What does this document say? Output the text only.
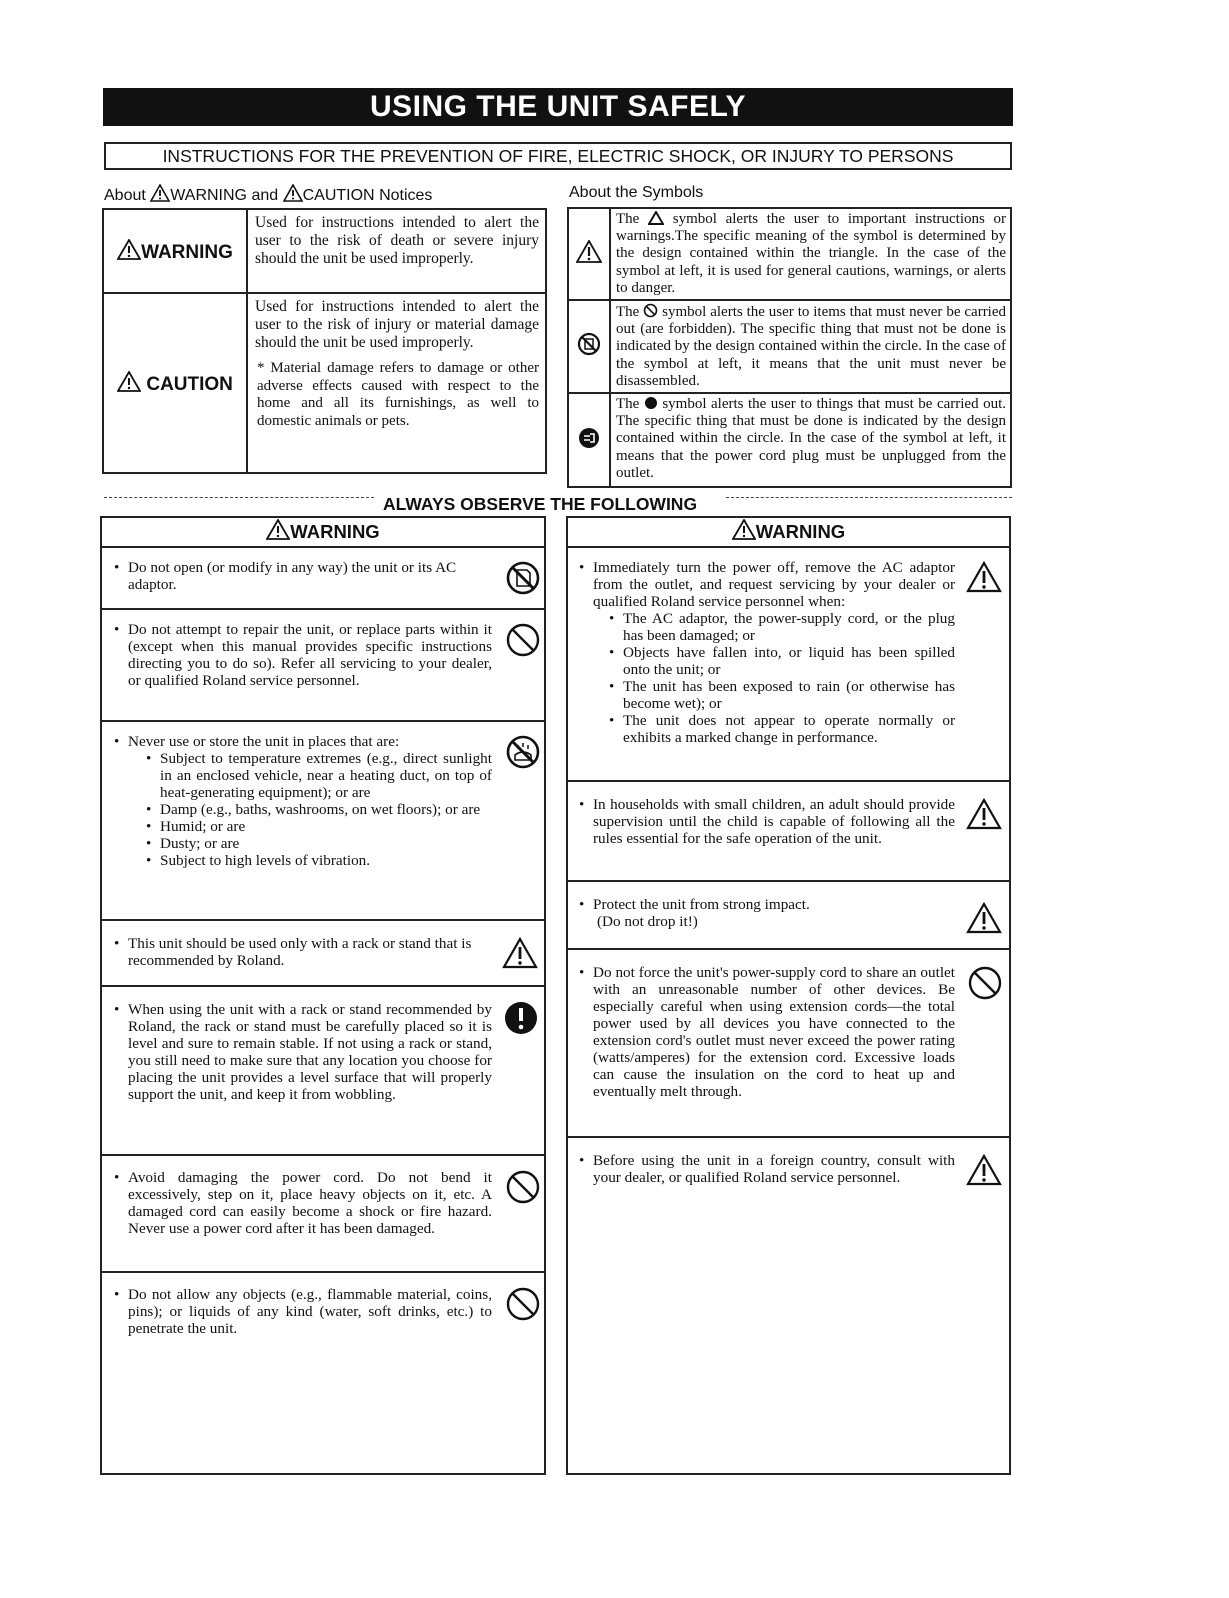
USING THE UNIT SAFELY
INSTRUCTIONS FOR THE PREVENTION OF FIRE, ELECTRIC SHOCK, OR INJURY TO PERSONS
About WARNING and CAUTION Notices
WARNING	Used for instructions intended to alert the user to the risk of death or severe injury should the unit be used improperly.
CAUTION	Used for instructions intended to alert the user to the risk of injury or material damage should the unit be used improperly.
* Material damage refers to damage or other adverse effects caused with respect to the home and all its furnishings, as well to domestic animals or pets.
About the Symbols
	The symbol alerts the user to important instructions or warnings.The specific meaning of the symbol is determined by the design contained within the triangle. In the case of the symbol at left, it is used for general cautions, warnings, or alerts to danger.
	The symbol alerts the user to items that must never be carried out (are forbidden). The specific thing that must not be done is indicated by the design contained within the circle. In the case of the symbol at left, it means that the unit must never be disassembled.
	The symbol alerts the user to things that must be carried out. The specific thing that must be done is indicated by the design contained within the circle. In the case of the symbol at left, it means that the power cord plug must be unplugged from the outlet.
ALWAYS OBSERVE THE FOLLOWING
WARNING
• Do not open (or modify in any way) the unit or its AC adaptor.
• Do not attempt to repair the unit, or replace parts within it (except when this manual provides specific instructions directing you to do so). Refer all servicing to your dealer, or qualified Roland service personnel.
• Never use or store the unit in places that are:
• Subject to temperature extremes (e.g., direct sunlight in an enclosed vehicle, near a heating duct, on top of heat-generating equipment); or are
• Damp (e.g., baths, washrooms, on wet floors); or are
• Humid; or are
• Dusty; or are
• Subject to high levels of vibration.
• This unit should be used only with a rack or stand that is recommended by Roland.
• When using the unit with a rack or stand recommended by Roland, the rack or stand must be carefully placed so it is level and sure to remain stable. If not using a rack or stand, you still need to make sure that any location you choose for placing the unit provides a level surface that will properly support the unit, and keep it from wobbling.
• Avoid damaging the power cord. Do not bend it excessively, step on it, place heavy objects on it, etc. A damaged cord can easily become a shock or fire hazard. Never use a power cord after it has been damaged.
• Do not allow any objects (e.g., flammable material, coins, pins); or liquids of any kind (water, soft drinks, etc.) to penetrate the unit.
WARNING
• Immediately turn the power off, remove the AC adaptor from the outlet, and request servicing by your dealer or qualified Roland service personnel when:
• The AC adaptor, the power-supply cord, or the plug has been damaged; or
• Objects have fallen into, or liquid has been spilled onto the unit; or
• The unit has been exposed to rain (or otherwise has become wet); or
• The unit does not appear to operate normally or exhibits a marked change in performance.
• In households with small children, an adult should provide supervision until the child is capable of following all the rules essential for the safe operation of the unit.
• Protect the unit from strong impact.
(Do not drop it!)
• Do not force the unit's power-supply cord to share an outlet with an unreasonable number of other devices. Be especially careful when using extension cords—the total power used by all devices you have connected to the extension cord's outlet must never exceed the power rating (watts/amperes) for the extension cord. Excessive loads can cause the insulation on the cord to heat up and eventually melt through.
• Before using the unit in a foreign country, consult with your dealer, or qualified Roland service personnel.
